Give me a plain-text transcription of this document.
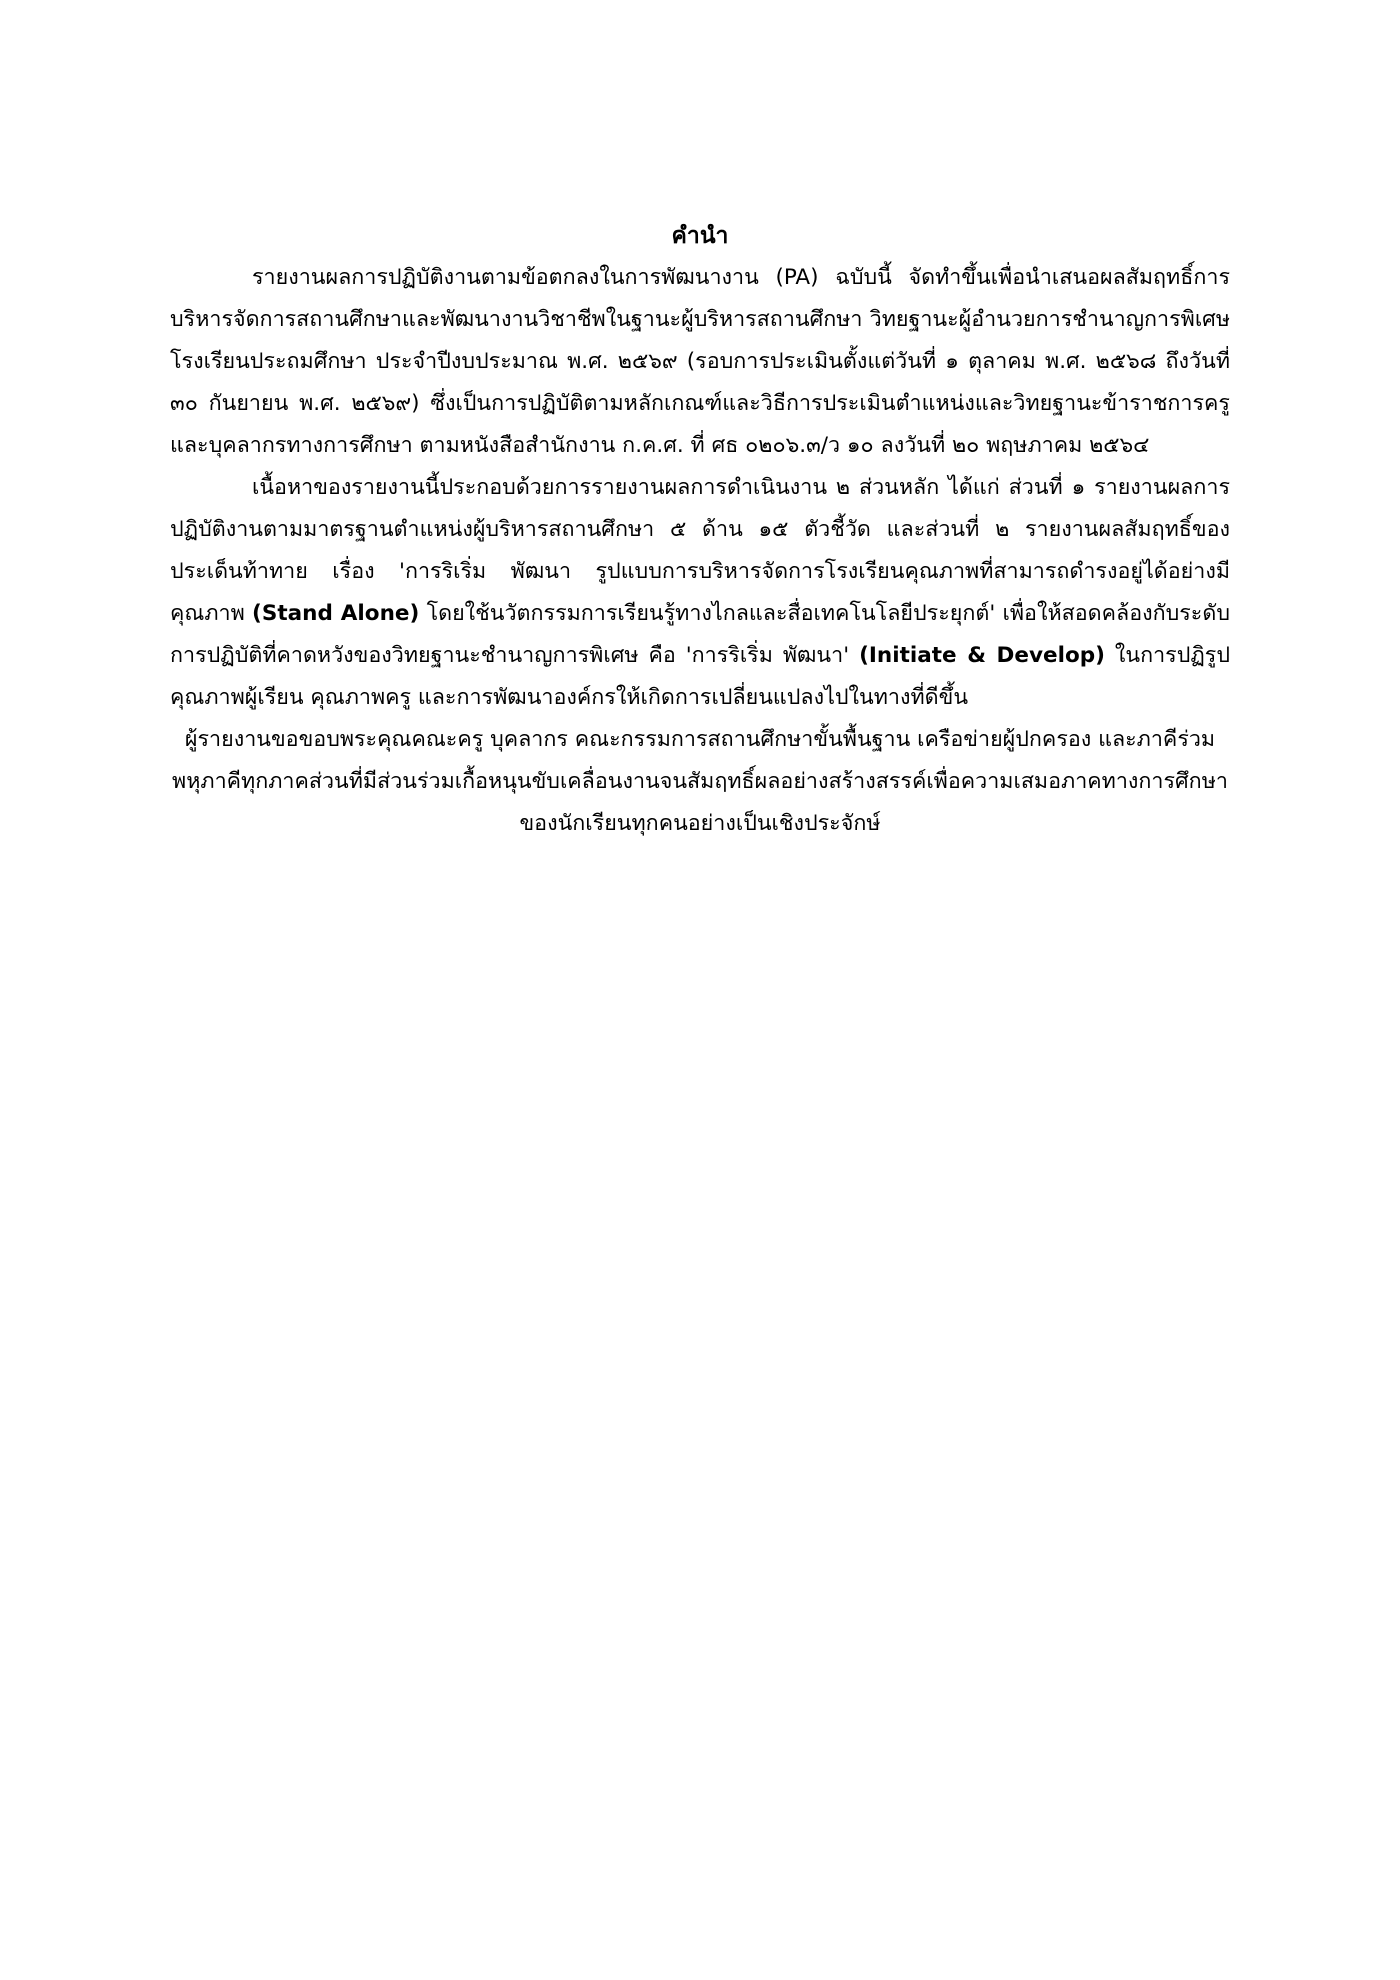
คำนำ

รายงานผลการปฏิบัติงานตามข้อตกลงในการพัฒนางาน (PA) ฉบับนี้ จัดทำขึ้นเพื่อนำเสนอผลสัมฤทธิ์การบริหารจัดการสถานศึกษาและพัฒนางานวิชาชีพในฐานะผู้บริหารสถานศึกษา วิทยฐานะผู้อำนวยการชำนาญการพิเศษ โรงเรียนประถมศึกษา ประจำปีงบประมาณ พ.ศ. ๒๕๖๙ (รอบการประเมินตั้งแต่วันที่ ๑ ตุลาคม พ.ศ. ๒๕๖๘ ถึงวันที่ ๓๐ กันยายน พ.ศ. ๒๕๖๙) ซึ่งเป็นการปฏิบัติตามหลักเกณฑ์และวิธีการประเมินตำแหน่งและวิทยฐานะข้าราชการครูและบุคลากรทางการศึกษา ตามหนังสือสำนักงาน ก.ค.ศ. ที่ ศธ ๐๒๐๖.๓/ว ๑๐ ลงวันที่ ๒๐ พฤษภาคม ๒๕๖๔

เนื้อหาของรายงานนี้ประกอบด้วยการรายงานผลการดำเนินงาน ๒ ส่วนหลัก ได้แก่ ส่วนที่ ๑ รายงานผลการปฏิบัติงานตามมาตรฐานตำแหน่งผู้บริหารสถานศึกษา ๕ ด้าน ๑๕ ตัวชี้วัด และส่วนที่ ๒ รายงานผลสัมฤทธิ์ของประเด็นท้าทาย เรื่อง 'การริเริ่ม พัฒนา รูปแบบการบริหารจัดการโรงเรียนคุณภาพที่สามารถดำรงอยู่ได้อย่างมีคุณภาพ (Stand Alone) โดยใช้นวัตกรรมการเรียนรู้ทางไกลและสื่อเทคโนโลยีประยุกต์' เพื่อให้สอดคล้องกับระดับการปฏิบัติที่คาดหวังของวิทยฐานะชำนาญการพิเศษ คือ 'การริเริ่ม พัฒนา' (Initiate & Develop) ในการปฏิรูปคุณภาพผู้เรียน คุณภาพครู และการพัฒนาองค์กรให้เกิดการเปลี่ยนแปลงไปในทางที่ดีขึ้น

ผู้รายงานขอขอบพระคุณคณะครู บุคลากร คณะกรรมการสถานศึกษาขั้นพื้นฐาน เครือข่ายผู้ปกครอง และภาคีร่วมพหุภาคีทุกภาคส่วนที่มีส่วนร่วมเกื้อหนุนขับเคลื่อนงานจนสัมฤทธิ์ผลอย่างสร้างสรรค์เพื่อความเสมอภาคทางการศึกษาของนักเรียนทุกคนอย่างเป็นเชิงประจักษ์
